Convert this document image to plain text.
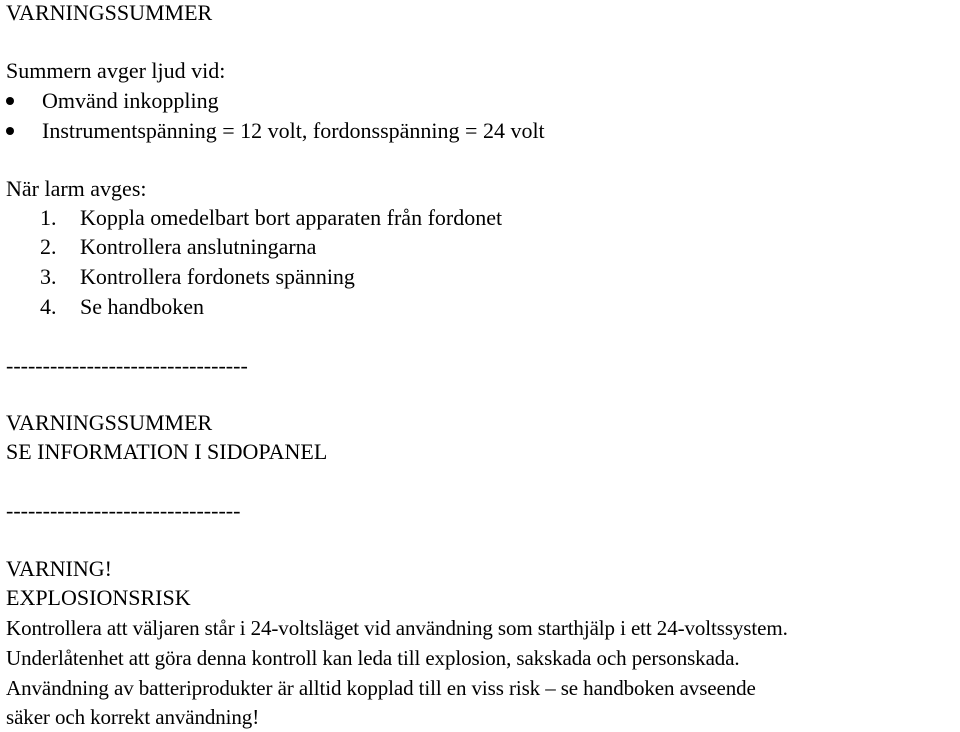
VARNINGSSUMMER
Summern avger ljud vid:
Omvänd inkoppling
Instrumentspänning = 12 volt, fordonsspänning = 24 volt
När larm avges:
1. Koppla omedelbart bort apparaten från fordonet
2. Kontrollera anslutningarna
3. Kontrollera fordonets spänning
4. Se handboken
---------------------------------
VARNINGSSUMMER
SE INFORMATION I SIDOPANEL
--------------------------------
VARNING!
EXPLOSIONSRISK
Kontrollera att väljaren står i 24-voltsläget vid användning som starthjälp i ett 24-voltssystem.
Underlåtenhet att göra denna kontroll kan leda till explosion, sakskada och personskada.
Användning av batteriprodukter är alltid kopplad till en viss risk – se handboken avseende
säker och korrekt användning!
